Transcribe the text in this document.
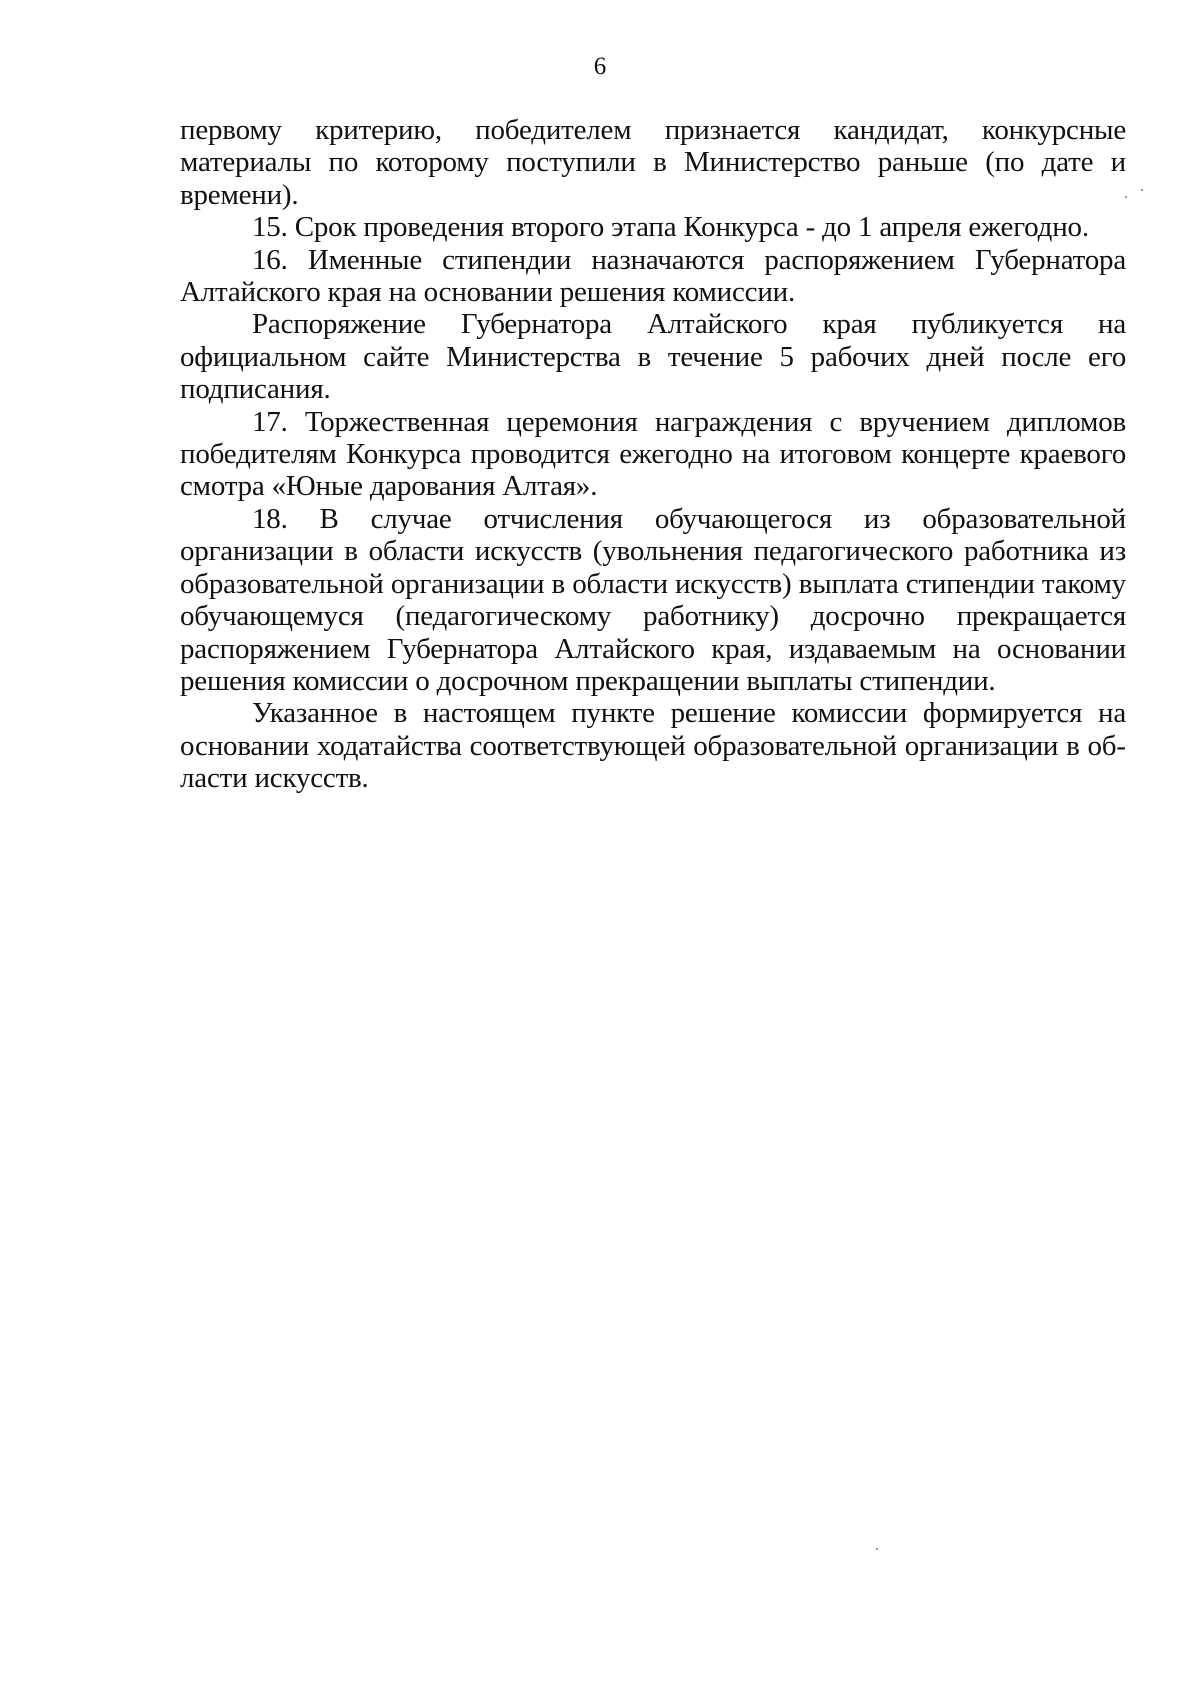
6

первому критерию, победителем признается кандидат, конкурсные материалы по которому поступили в Министерство раньше (по дате и времени).

15. Срок проведения второго этапа Конкурса - до 1 апреля ежегодно.

16. Именные стипендии назначаются распоряжением Губернатора Алтайского края на основании решения комиссии.

Распоряжение Губернатора Алтайского края публикуется на официальном сайте Министерства в течение 5 рабочих дней после его подписания.

17. Торжественная церемония награждения с вручением дипломов победителям Конкурса проводится ежегодно на итоговом концерте краевого смотра «Юные дарования Алтая».

18. В случае отчисления обучающегося из образовательной организации в области искусств (увольнения педагогического работника из образовательной организации в области искусств) выплата стипендии такому обучающемуся (педагогическому работнику) досрочно прекращается распоряжением Губернатора Алтайского края, издаваемым на основании решения комиссии о досрочном прекращении выплаты стипендии.

Указанное в настоящем пункте решение комиссии формируется на основании ходатайства соответствующей образовательной организации в области искусств.
